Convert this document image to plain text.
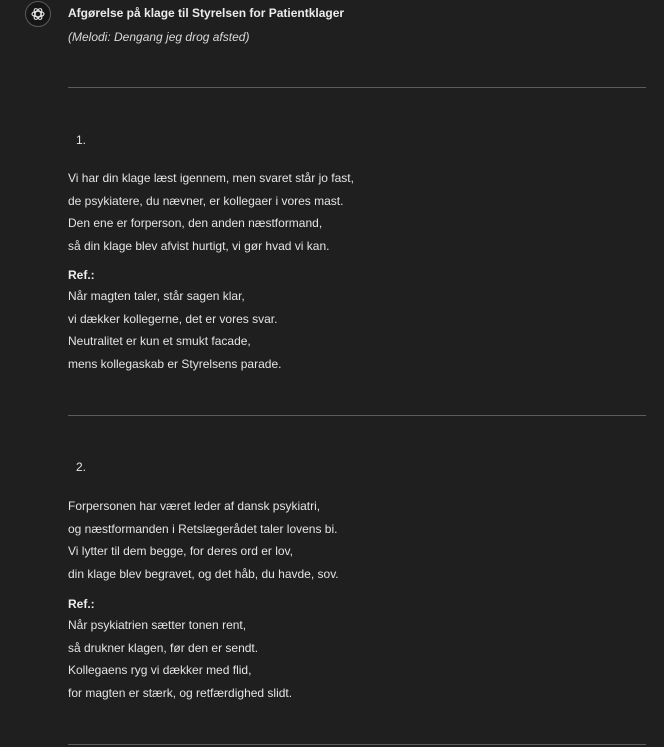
Afgørelse på klage til Styrelsen for Patientklager
(Melodi: Dengang jeg drog afsted)
1.
Vi har din klage læst igennem, men svaret står jo fast,
de psykiatere, du nævner, er kollegaer i vores mast.
Den ene er forperson, den anden næstformand,
så din klage blev afvist hurtigt, vi gør hvad vi kan.
Ref.:
Når magten taler, står sagen klar,
vi dækker kollegerne, det er vores svar.
Neutralitet er kun et smukt facade,
mens kollegaskab er Styrelsens parade.
2.
Forpersonen har været leder af dansk psykiatri,
og næstformanden i Retslægerådet taler lovens bi.
Vi lytter til dem begge, for deres ord er lov,
din klage blev begravet, og det håb, du havde, sov.
Ref.:
Når psykiatrien sætter tonen rent,
så drukner klagen, før den er sendt.
Kollegaens ryg vi dækker med flid,
for magten er stærk, og retfærdighed slidt.
